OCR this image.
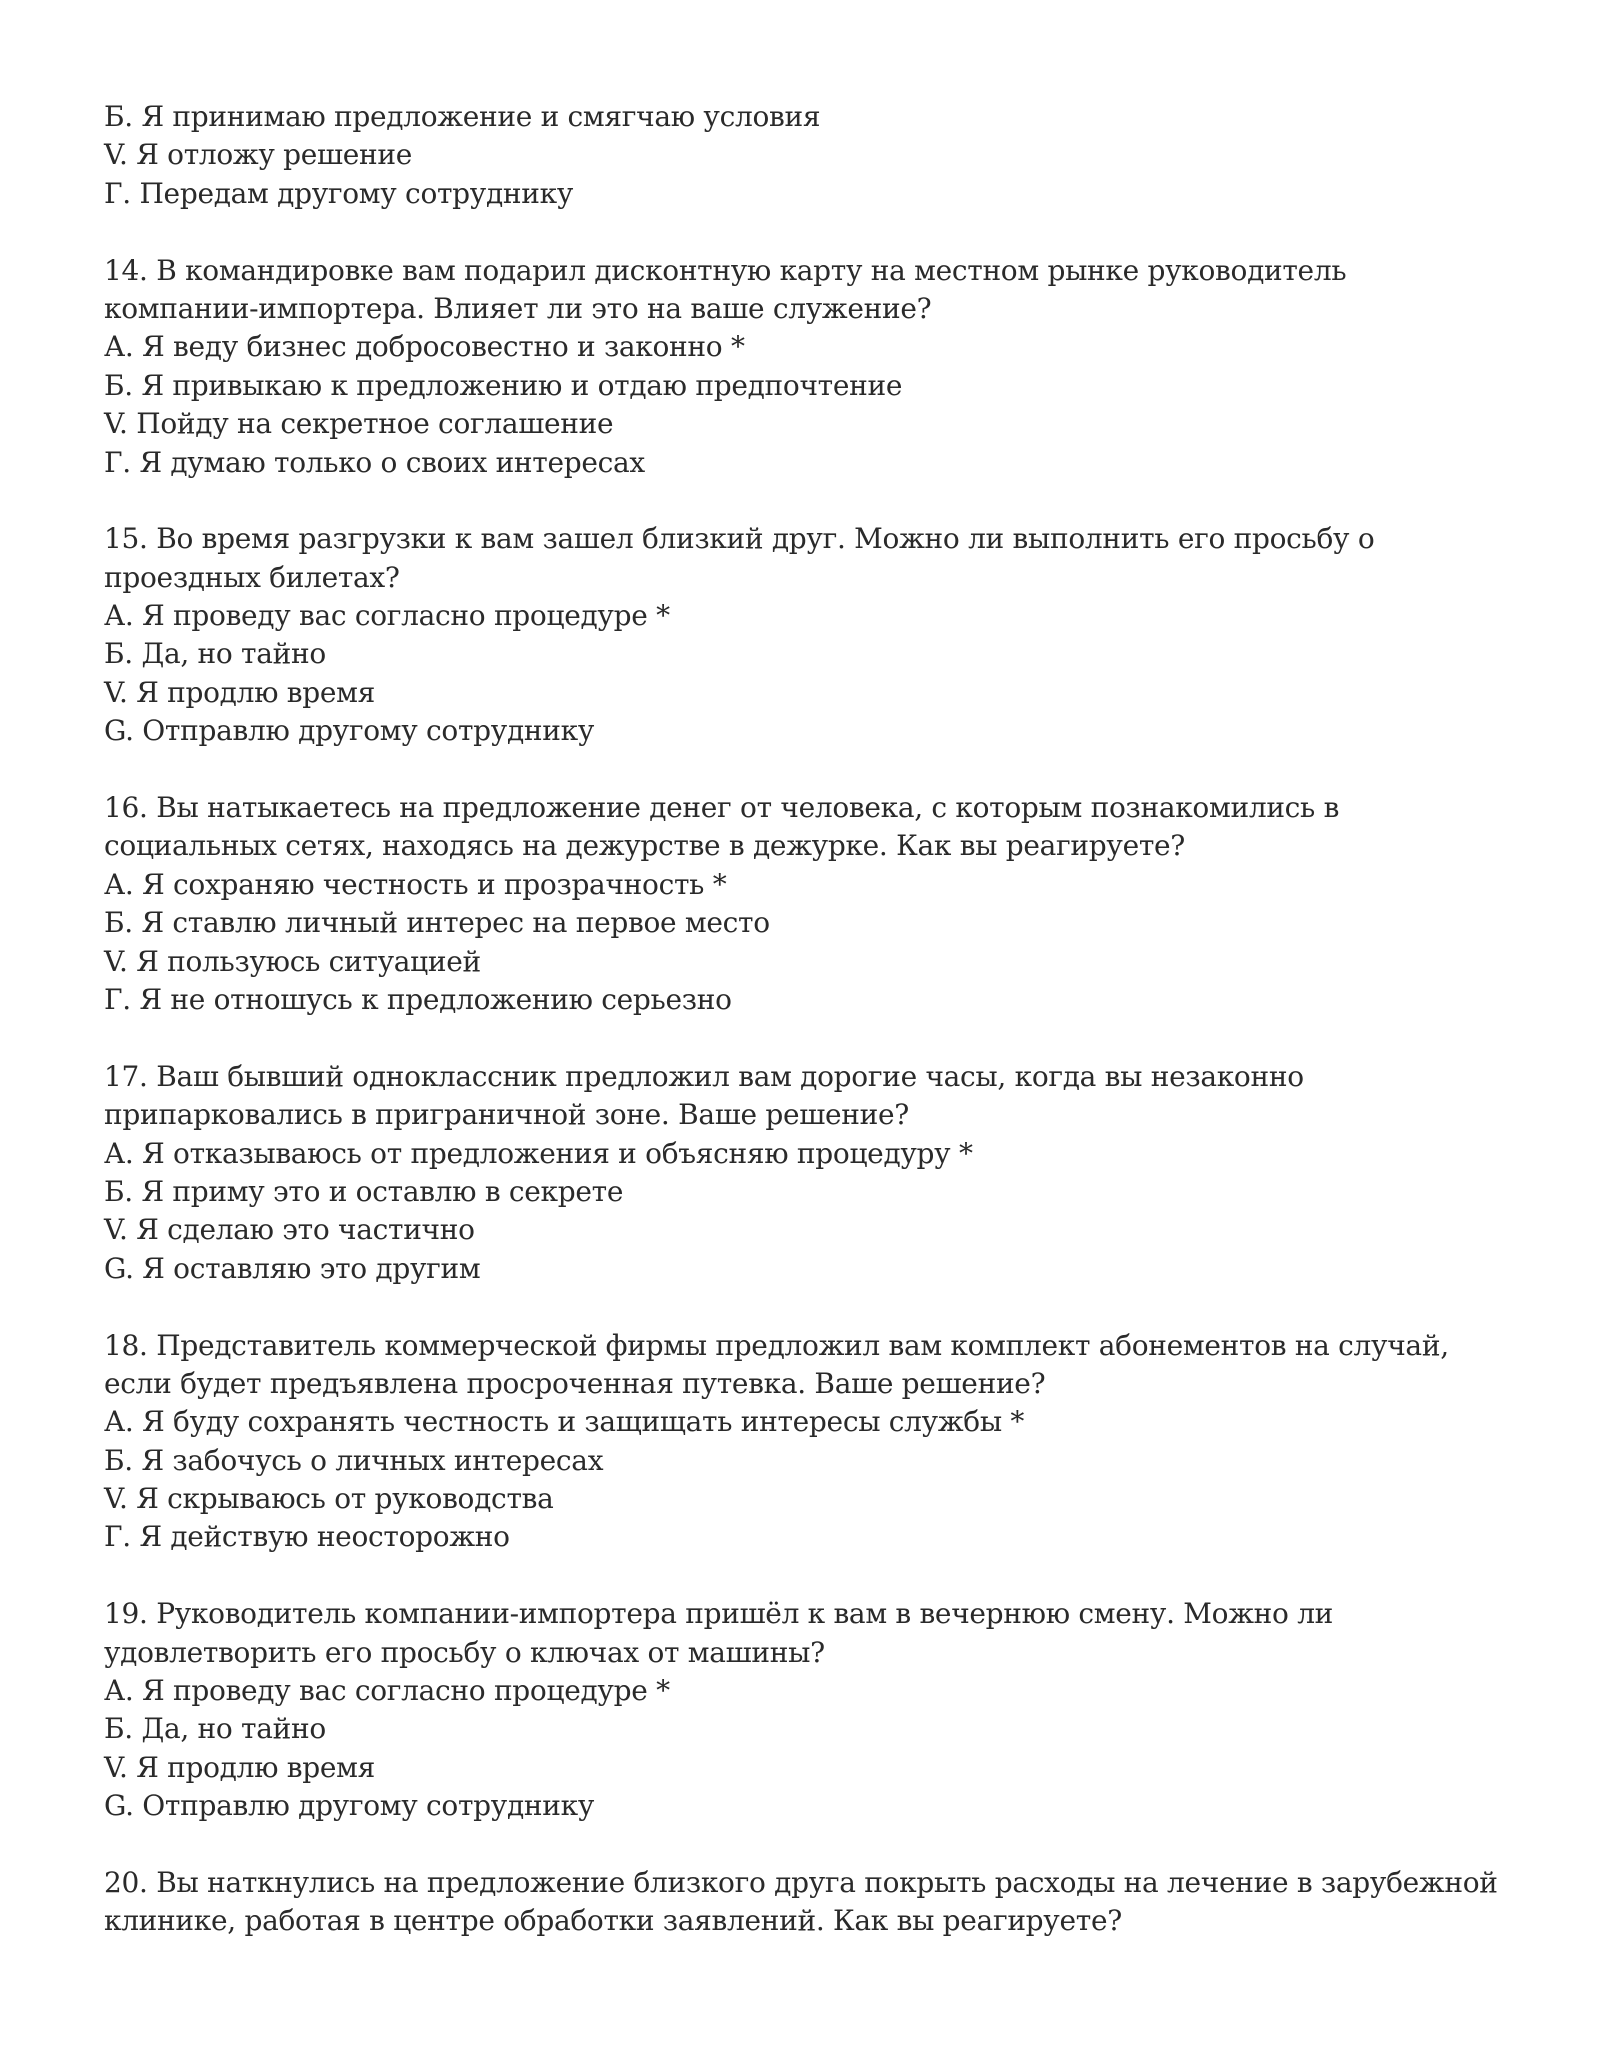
Б. Я принимаю предложение и смягчаю условия
V. Я отложу решение
Г. Передам другому сотруднику
14. В командировке вам подарил дисконтную карту на местном рынке руководитель
компании-импортера. Влияет ли это на ваше служение?
А. Я веду бизнес добросовестно и законно *
Б. Я привыкаю к предложению и отдаю предпочтение
V. Пойду на секретное соглашение
Г. Я думаю только о своих интересах
15. Во время разгрузки к вам зашел близкий друг. Можно ли выполнить его просьбу о
проездных билетах?
А. Я проведу вас согласно процедуре *
Б. Да, но тайно
V. Я продлю время
G. Отправлю другому сотруднику
16. Вы натыкаетесь на предложение денег от человека, с которым познакомились в
социальных сетях, находясь на дежурстве в дежурке. Как вы реагируете?
А. Я сохраняю честность и прозрачность *
Б. Я ставлю личный интерес на первое место
V. Я пользуюсь ситуацией
Г. Я не отношусь к предложению серьезно
17. Ваш бывший одноклассник предложил вам дорогие часы, когда вы незаконно
припарковались в приграничной зоне. Ваше решение?
А. Я отказываюсь от предложения и объясняю процедуру *
Б. Я приму это и оставлю в секрете
V. Я сделаю это частично
G. Я оставляю это другим
18. Представитель коммерческой фирмы предложил вам комплект абонементов на случай,
если будет предъявлена просроченная путевка. Ваше решение?
А. Я буду сохранять честность и защищать интересы службы *
Б. Я забочусь о личных интересах
V. Я скрываюсь от руководства
Г. Я действую неосторожно
19. Руководитель компании-импортера пришёл к вам в вечернюю смену. Можно ли
удовлетворить его просьбу о ключах от машины?
А. Я проведу вас согласно процедуре *
Б. Да, но тайно
V. Я продлю время
G. Отправлю другому сотруднику
20. Вы наткнулись на предложение близкого друга покрыть расходы на лечение в зарубежной
клинике, работая в центре обработки заявлений. Как вы реагируете?
